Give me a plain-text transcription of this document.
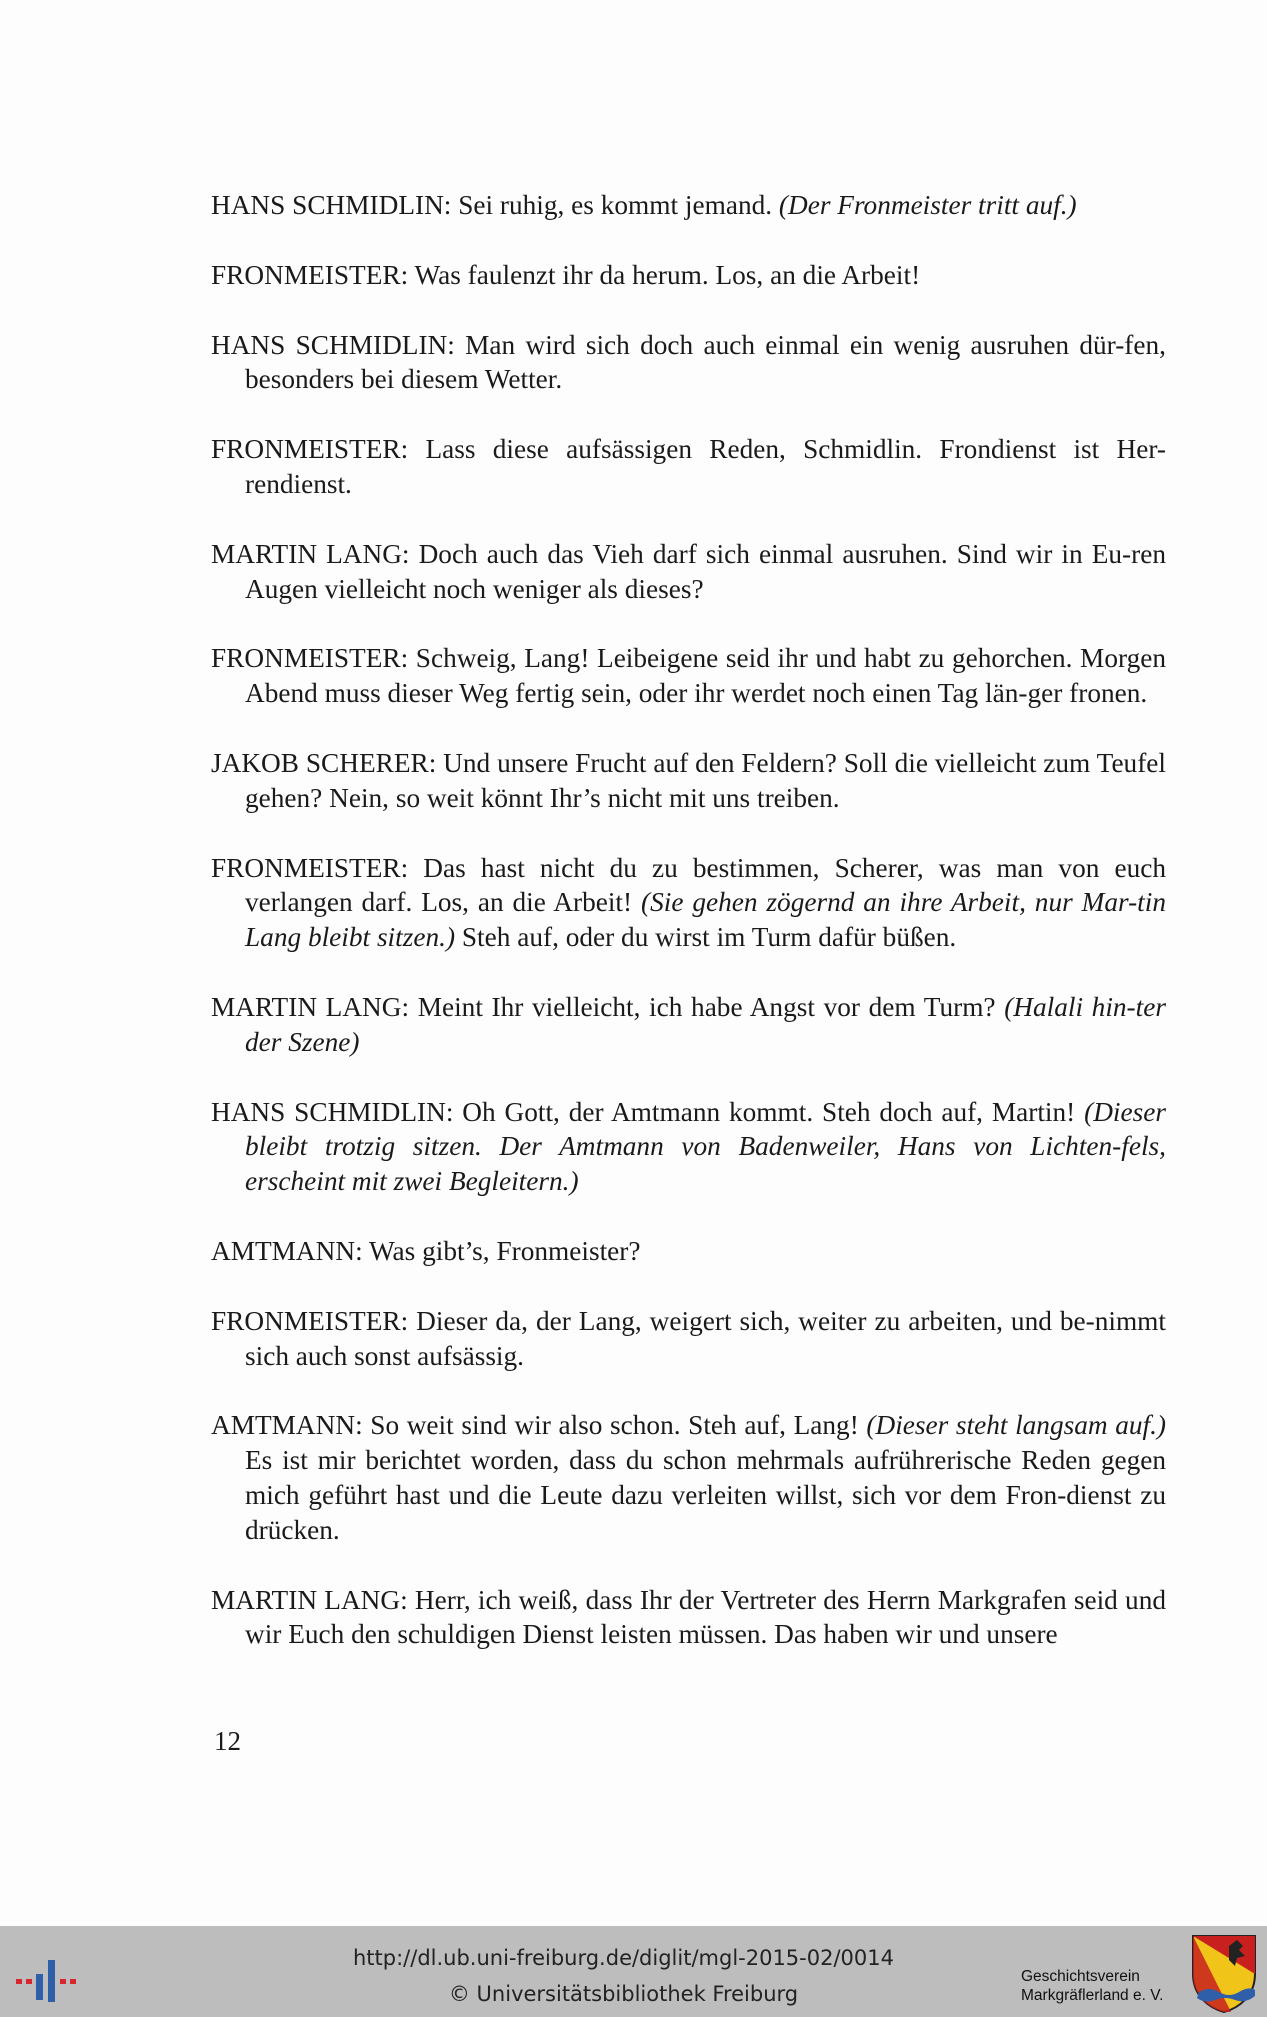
HANS SCHMIDLIN: Sei ruhig, es kommt jemand. (Der Fronmeister tritt auf.)

FRONMEISTER: Was faulenzt ihr da herum. Los, an die Arbeit!

HANS SCHMIDLIN: Man wird sich doch auch einmal ein wenig ausruhen dür-fen, besonders bei diesem Wetter.

FRONMEISTER: Lass diese aufsässigen Reden, Schmidlin. Frondienst ist Her-rendienst.

MARTIN LANG: Doch auch das Vieh darf sich einmal ausruhen. Sind wir in Eu-ren Augen vielleicht noch weniger als dieses?

FRONMEISTER: Schweig, Lang! Leibeigene seid ihr und habt zu gehorchen. Morgen Abend muss dieser Weg fertig sein, oder ihr werdet noch einen Tag län-ger fronen.

JAKOB SCHERER: Und unsere Frucht auf den Feldern? Soll die vielleicht zum Teufel gehen? Nein, so weit könnt Ihr’s nicht mit uns treiben.

FRONMEISTER: Das hast nicht du zu bestimmen, Scherer, was man von euch verlangen darf. Los, an die Arbeit! (Sie gehen zögernd an ihre Arbeit, nur Mar-tin Lang bleibt sitzen.) Steh auf, oder du wirst im Turm dafür büßen.

MARTIN LANG: Meint Ihr vielleicht, ich habe Angst vor dem Turm? (Halali hin-ter der Szene)

HANS SCHMIDLIN: Oh Gott, der Amtmann kommt. Steh doch auf, Martin! (Dieser bleibt trotzig sitzen. Der Amtmann von Badenweiler, Hans von Lichten-fels, erscheint mit zwei Begleitern.)

AMTMANN: Was gibt’s, Fronmeister?

FRONMEISTER: Dieser da, der Lang, weigert sich, weiter zu arbeiten, und be-nimmt sich auch sonst aufsässig.

AMTMANN: So weit sind wir also schon. Steh auf, Lang! (Dieser steht langsam auf.) Es ist mir berichtet worden, dass du schon mehrmals aufrührerische Reden gegen mich geführt hast und die Leute dazu verleiten willst, sich vor dem Fron-dienst zu drücken.

MARTIN LANG: Herr, ich weiß, dass Ihr der Vertreter des Herrn Markgrafen seid und wir Euch den schuldigen Dienst leisten müssen. Das haben wir und unsere

12
http://dl.ub.uni-freiburg.de/diglit/mgl-2015-02/0014
© Universitätsbibliothek Freiburg
Geschichtsverein
Markgräflerland e. V.
